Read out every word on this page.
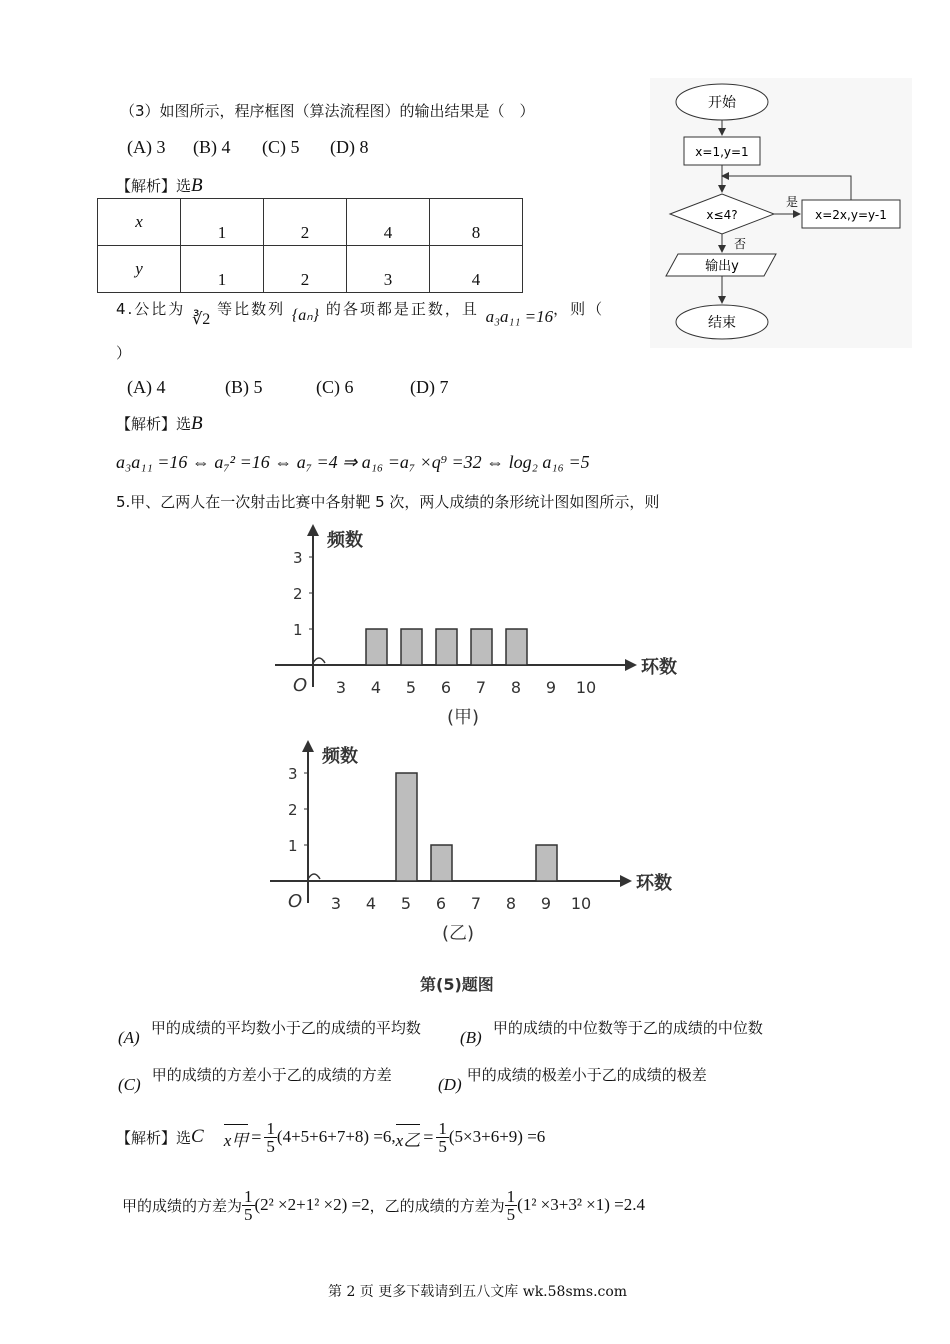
（3）如图所示，程序框图（算法流程图）的输出结果是（　）
(A) 3 (B) 4 (C) 5 (D) 8
【解析】选B
x	1	2	4	8
y	1	2	3	4
开始
x=1,y=1
x≤4?
是
x=2x,y=y-1
否
输出y
结束
4.公比为 ∛2 等比数列 {aₙ} 的各项都是正数，且 a₃a₁₁ =16，则（
）
(A) 4	(B) 5	(C) 6	(D) 7
【解析】选B
a₃a₁₁ =16 ⇔ a₇² =16 ⇔ a₇ =4 ⇒ a₁₆ =a₇ ×q⁹ =32 ⇔ log₂ a₁₆ =5
5.甲、乙两人在一次射击比赛中各射靶 5 次，两人成绩的条形统计图如图所示，则
频数
环数
O
1
2
3
3 4 5 6 7 8 9 10
(甲)
频数
环数
O
1
2
3
3 4 5 6 7 8 9 10
(乙)
第(5)题图
(A) 甲的成绩的平均数小于乙的成绩的平均数 (B) 甲的成绩的中位数等于乙的成绩的中位数
(C) 甲的成绩的方差小于乙的成绩的方差	(D) 甲的成绩的极差小于乙的成绩的极差
【解析】选 C x甲 = $\frac{1}{5} (4+5+6+7+8) =6$, x乙 = $\frac{1}{5} (5\times 3+6+9) =6$
甲的成绩的方差为 $\frac{1}{5} (2^2 \times 2+1^2 \times 2) =2$ ，乙的成绩的方差为 $\frac{1}{5} (1^2 \times 3+3^2 \times 1) =2.4$
第 2 页 更多下载请到五八文库 wk.58sms.com
